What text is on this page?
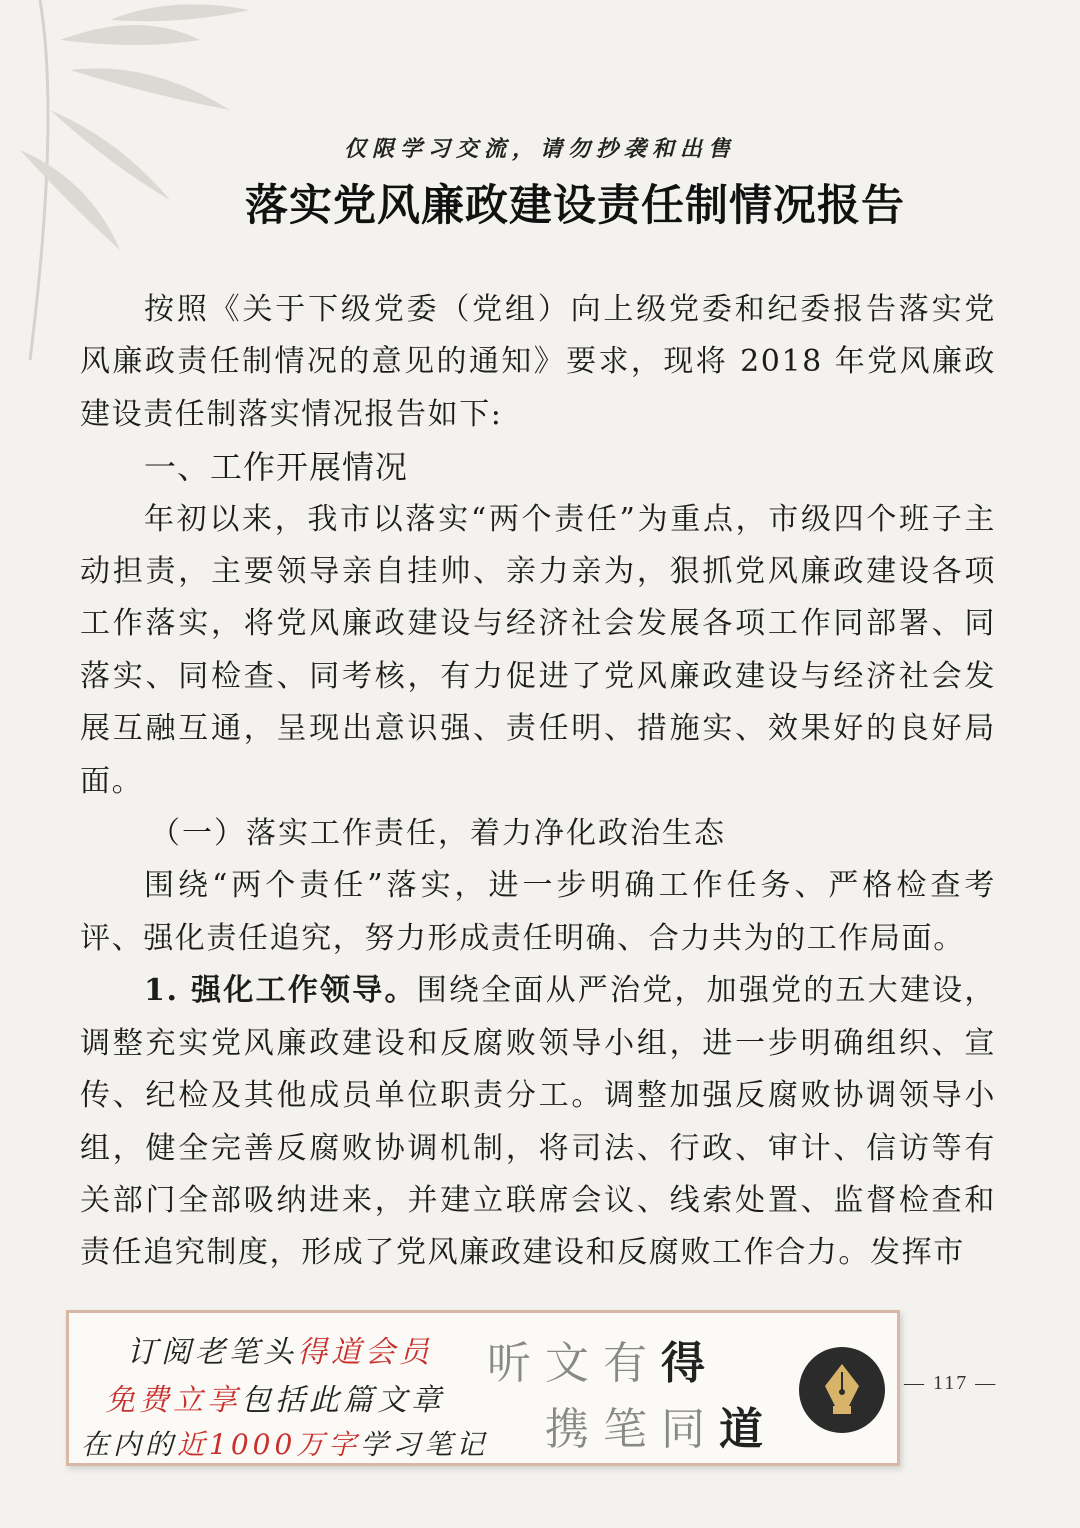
仅限学习交流，请勿抄袭和出售
落实党风廉政建设责任制情况报告

按照《关于下级党委（党组）向上级党委和纪委报告落实党风廉政责任制情况的意见的通知》要求，现将 2018 年党风廉政建设责任制落实情况报告如下:

一、工作开展情况

年初以来，我市以落实“两个责任”为重点，市级四个班子主动担责，主要领导亲自挂帅、亲力亲为，狠抓党风廉政建设各项工作落实，将党风廉政建设与经济社会发展各项工作同部署、同落实、同检查、同考核，有力促进了党风廉政建设与经济社会发展互融互通，呈现出意识强、责任明、措施实、效果好的良好局面。

（一）落实工作责任，着力净化政治生态

围绕“两个责任”落实，进一步明确工作任务、严格检查考评、强化责任追究，努力形成责任明确、合力共为的工作局面。

1. 强化工作领导。围绕全面从严治党，加强党的五大建设，调整充实党风廉政建设和反腐败领导小组，进一步明确组织、宣传、纪检及其他成员单位职责分工。调整加强反腐败协调领导小组，健全完善反腐败协调机制，将司法、行政、审计、信访等有关部门全部吸纳进来，并建立联席会议、线索处置、监督检查和责任追究制度，形成了党风廉政建设和反腐败工作合力。发挥市

订阅老笔头得道会员
免费立享包括此篇文章
在内的近1000万字学习笔记
听文有得
携笔同道
— 117 —
